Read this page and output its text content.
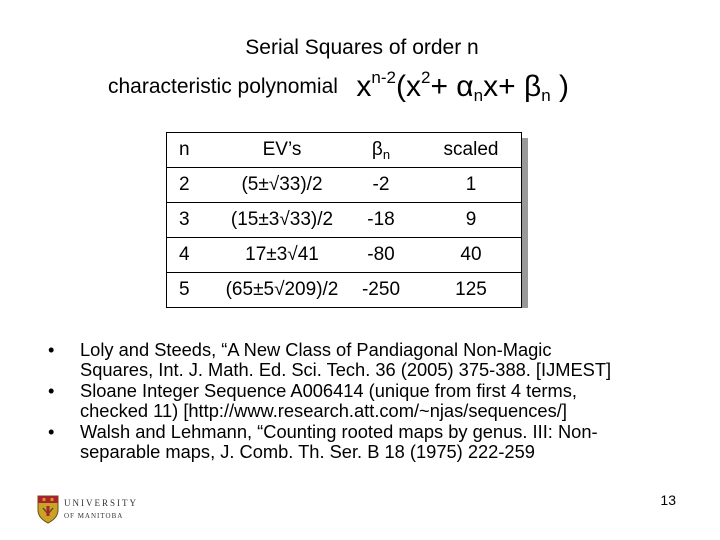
Serial Squares of order n
characteristic polynomial $x^{n-2}(x^2+ \alpha_nx+ \beta_n$ )
n	EV’s	$\beta_n$	scaled
2	(5±√33)/2	-2	1
3	(15±3√33)/2	-18	9
4	17±3√41	-80	40
5	(65±5√209)/2	-250	125
• Loly and Steeds, “A New Class of Pandiagonal Non-Magic
Squares, Int. J. Math. Ed. Sci. Tech. 36 (2005) 375-388. [IJMEST]
• Sloane Integer Sequence A006414 (unique from first 4 terms,
checked 11) [http://www.research.att.com/~njas/sequences/]
• Walsh and Lehmann, “Counting rooted maps by genus. III: Non-
separable maps, J. Comb. Th. Ser. B 18 (1975) 222-259
UNIVERSITY
OF MANITOBA
13
